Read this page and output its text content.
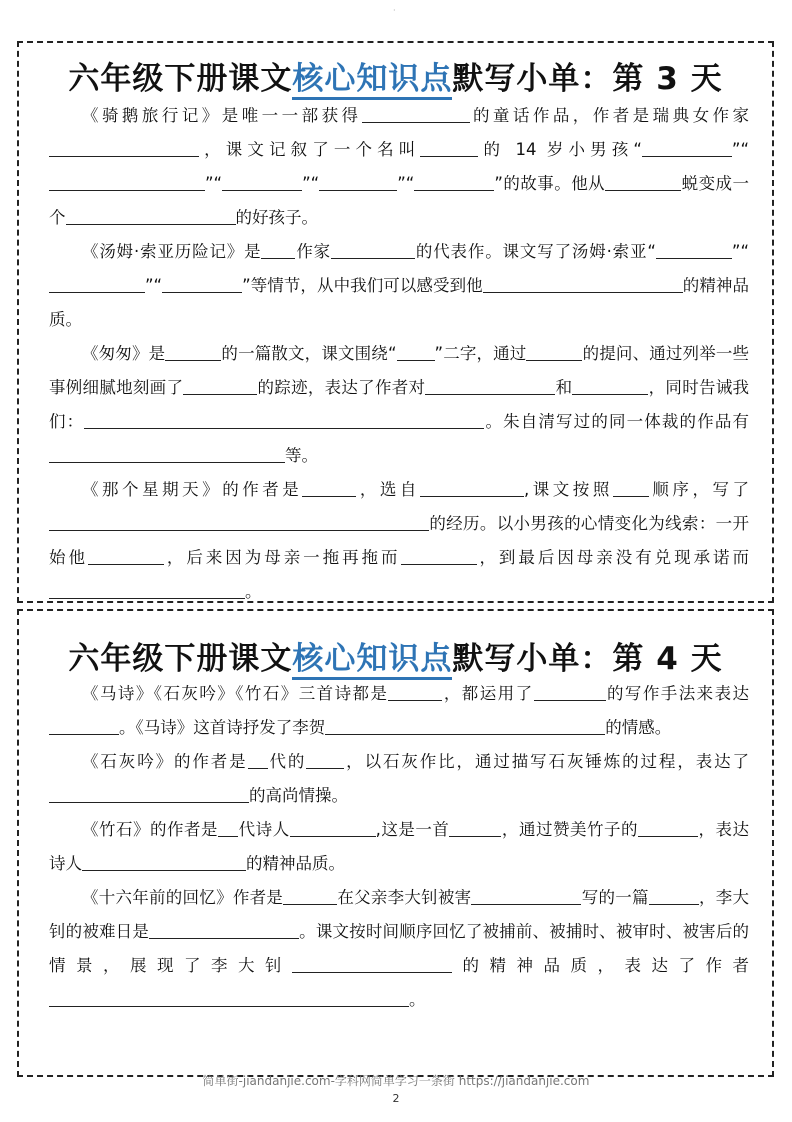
·
六年级下册课文核心知识点默写小单：第 3 天

《骑鹅旅行记》是唯一一部获得	的童话作品，作者是瑞典女作家，课文记叙了一个名叫	的 14 岁小男孩“	”“”“	”“	”“	”的故事。他从	蜕变成一个	的好孩子。

《汤姆·索亚历险记》是 作家	的代表作。课文写了汤姆·索亚“	”“”“	”等情节，从中我们可以感受到他	的精神品质。

《匆匆》是	的一篇散文，课文围绕“ ”二字，通过	的提问、通过列举一些事例细腻地刻画了	的踪迹，表达了作者对	和	，同时告诫我们：	。朱自清写过的同一体裁的作品有等。

《那个星期天》的作者是	，选自	,课文按照 顺序，写了的经历。以小男孩的心情变化为线索：一开始他	，后来因为母亲一拖再拖而	，到最后因母亲没有兑现承诺而。

六年级下册课文核心知识点默写小单：第 4 天

《马诗》《石灰吟》《竹石》三首诗都是	，都运用了	的写作手法来表达。《马诗》这首诗抒发了李贺	的情感。

《石灰吟》的作者是 代的 ，以石灰作比，通过描写石灰锤炼的过程，表达了的高尚情操。

《竹石》的作者是 代诗人	,这是一首	，通过赞美竹子的	，表达诗人	的精神品质。

《十六年前的回忆》作者是	在父亲李大钊被害	写的一篇	，李大钊的被难日是	。课文按时间顺序回忆了被捕前、被捕时、被审时、被害后的情景，展现了李大钊	的精神品质，表达了作者。

简单街-jiandanjie.com-学科网简单学习一条街 https://jiandanjie.com
2
